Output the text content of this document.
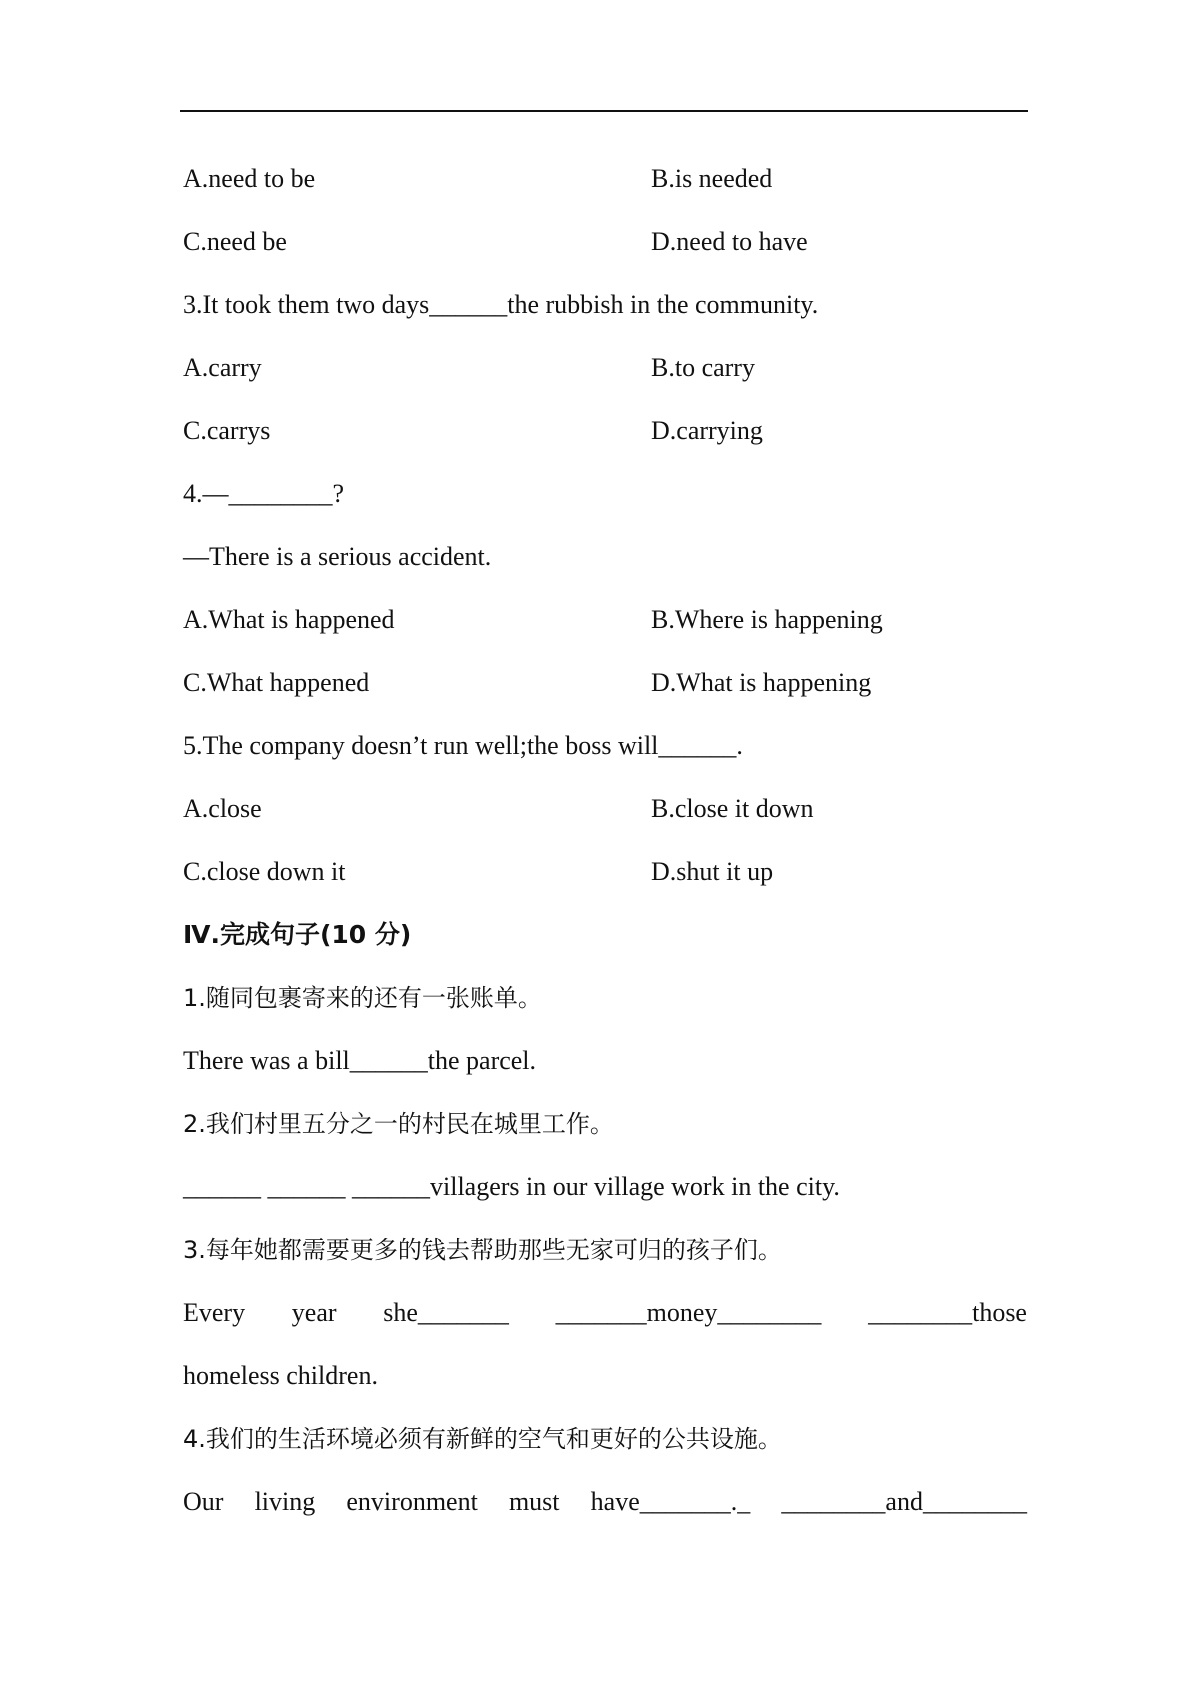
A.need to be	B.is needed
C.need be	D.need to have
3.It took them two days______the rubbish in the community.
A.carry	B.to carry
C.carrys	D.carrying
4.—________?
—There is a serious accident.
A.What is happened	B.Where is happening
C.What happened	D.What is happening
5.The company doesn’t run well;the boss will______.
A.close	B.close it down
C.close down it	D.shut it up
Ⅳ.完成句子(10 分)
1.随同包裹寄来的还有一张账单。
There was a bill______the parcel.
2.我们村里五分之一的村民在城里工作。
______ ______ ______villagers in our village work in the city.
3.每年她都需要更多的钱去帮助那些无家可归的孩子们。
Every year she_______ _______money________ ________those
homeless children.
4.我们的生活环境必须有新鲜的空气和更好的公共设施。
Our living environment must have_______._ ________and________
